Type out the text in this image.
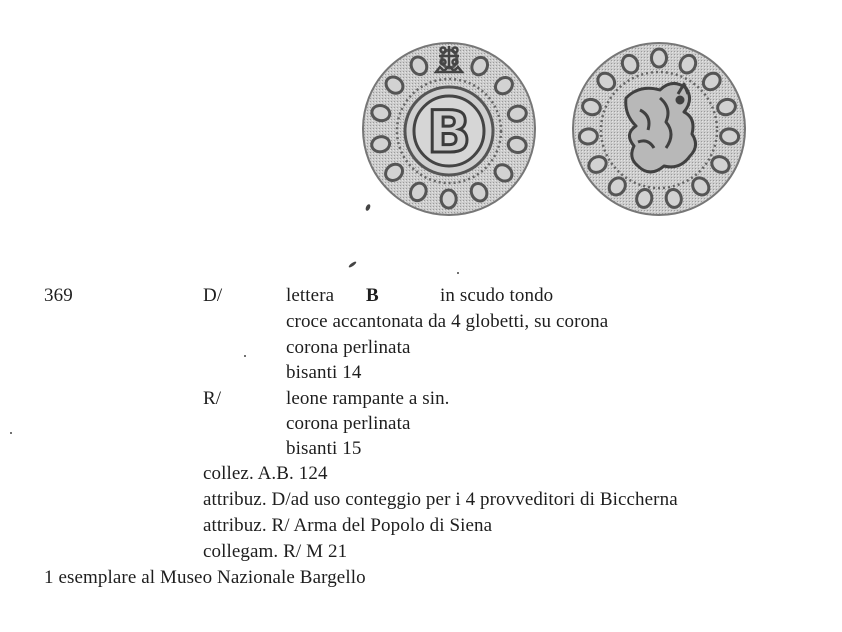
B
369	D/	lettera B	in scudo tondo
croce accantonata da 4 globetti, su corona
corona perlinata
bisanti 14
R/	leone rampante a sin.
corona perlinata
bisanti 15
collez. A.B. 124
attribuz. D/ad uso conteggio per i 4 provveditori di Biccherna
attribuz. R/ Arma del Popolo di Siena
collegam. R/ M 21
1 esemplare al Museo Nazionale Bargello
